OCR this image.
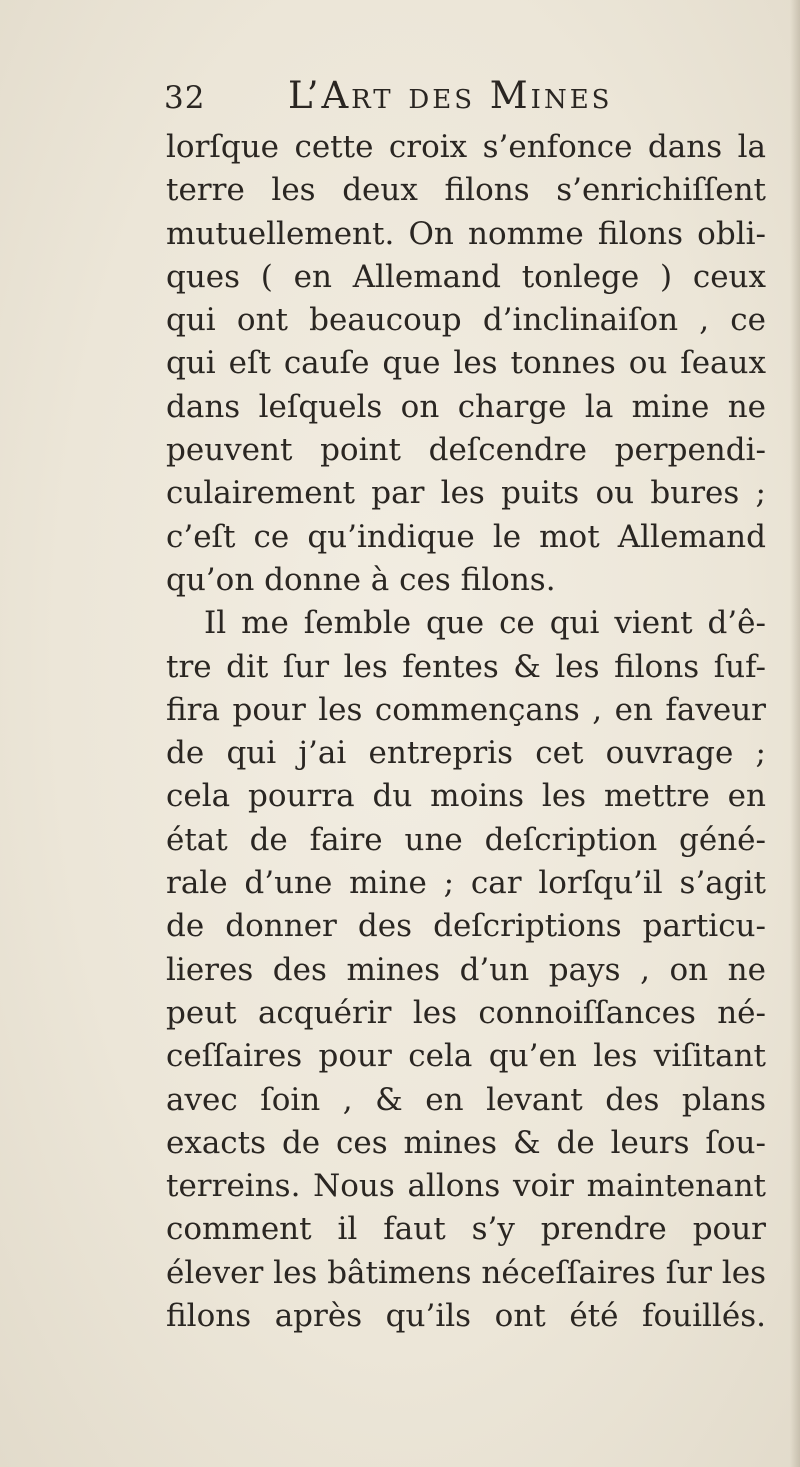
32 L’Art des Mines
lorſque cette croix s’enfonce dans la
terre les deux filons s’enrichiſſent
mutuellement. On nomme filons obli-
ques ( en Allemand tonlege ) ceux
qui ont beaucoup d’inclinaiſon , ce
qui eſt cauſe que les tonnes ou ſeaux
dans leſquels on charge la mine ne
peuvent point deſcendre perpendi-
culairement par les puits ou bures ;
c’eſt ce qu’indique le mot Allemand
qu’on donne à ces filons.
Il me ſemble que ce qui vient d’ê-
tre dit ſur les fentes & les filons ſuf-
fira pour les commençans , en faveur
de qui j’ai entrepris cet ouvrage ;
cela pourra du moins les mettre en
état de faire une deſcription géné-
rale d’une mine ; car lorſqu’il s’agit
de donner des deſcriptions particu-
lieres des mines d’un pays , on ne
peut acquérir les connoiſſances né-
ceſſaires pour cela qu’en les viſitant
avec ſoin , & en levant des plans
exacts de ces mines & de leurs ſou-
terreins. Nous allons voir maintenant
comment il faut s’y prendre pour
élever les bâtimens néceſſaires ſur les
filons après qu’ils ont été fouillés.
